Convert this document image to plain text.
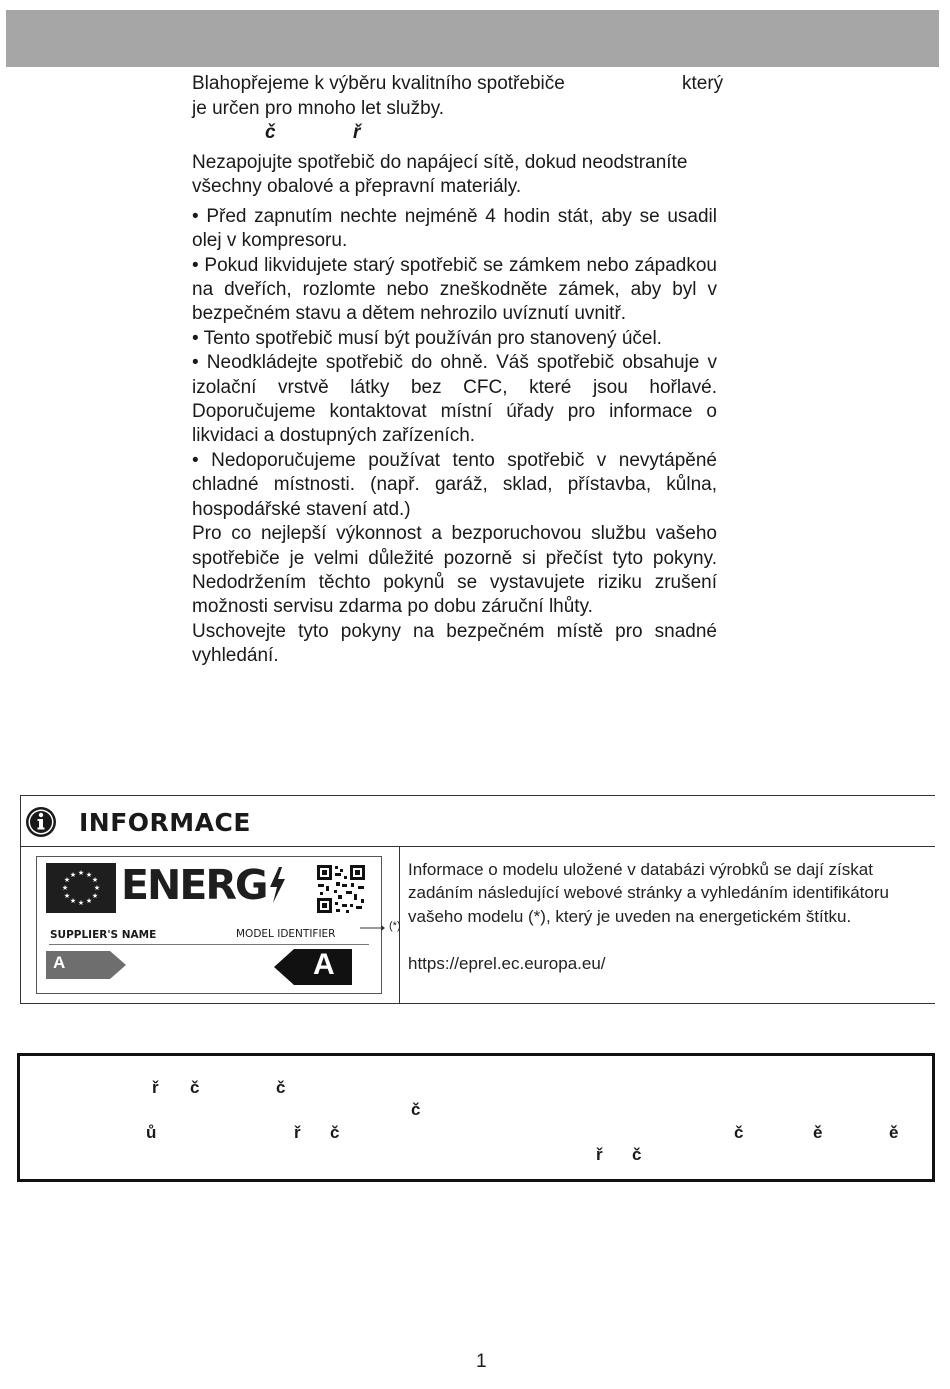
Blahopřejeme k výběru kvalitního spotřebiče	který
je určen pro mnoho let služby.
č	ř

Nezapojujte spotřebič do napájecí sítě, dokud neodstraníte všechny obalové a přepravní materiály.

• Před zapnutím nechte nejméně 4 hodin stát, aby se usadil olej v kompresoru.

• Pokud likvidujete starý spotřebič se zámkem nebo západkou na dveřích, rozlomte nebo zneškodněte zámek, aby byl v bezpečném stavu a dětem nehrozilo uvíznutí uvnitř.

• Tento spotřebič musí být používán pro stanovený účel.

• Neodkládejte spotřebič do ohně. Váš spotřebič obsahuje v izolační vrstvě látky bez CFC, které jsou hořlavé. Doporučujeme kontaktovat místní úřady pro informace o likvidaci a dostupných zařízeních.

• Nedoporučujeme používat tento spotřebič v nevytápěné chladné místnosti. (např. garáž, sklad, přístavba, kůlna, hospodářské stavení atd.)

Pro co nejlepší výkonnost a bezporuchovou službu vašeho spotřebiče je velmi důležité pozorně si přečíst tyto pokyny. Nedodržením těchto pokynů se vystavujete riziku zrušení možnosti servisu zdarma po dobu záruční lhůty.

Uschovejte tyto pokyny na bezpečném místě pro snadné vyhledání.

INFORMACE
★ ★
★
★
★
★
★
★
★
★
★
★ ENERG
SUPPLIER'S NAME	MODEL IDENTIFIER
A	A
(*)
Informace o modelu uložené v databázi výrobků se dají získat zadáním následující webové stránky a vyhledáním identifikátoru vašeho modelu (*), který je uveden na energetickém štítku.
https://eprel.ec.europa.eu/
ř č	č
č
ů	ř č	č	ě	ě
ř č
1
